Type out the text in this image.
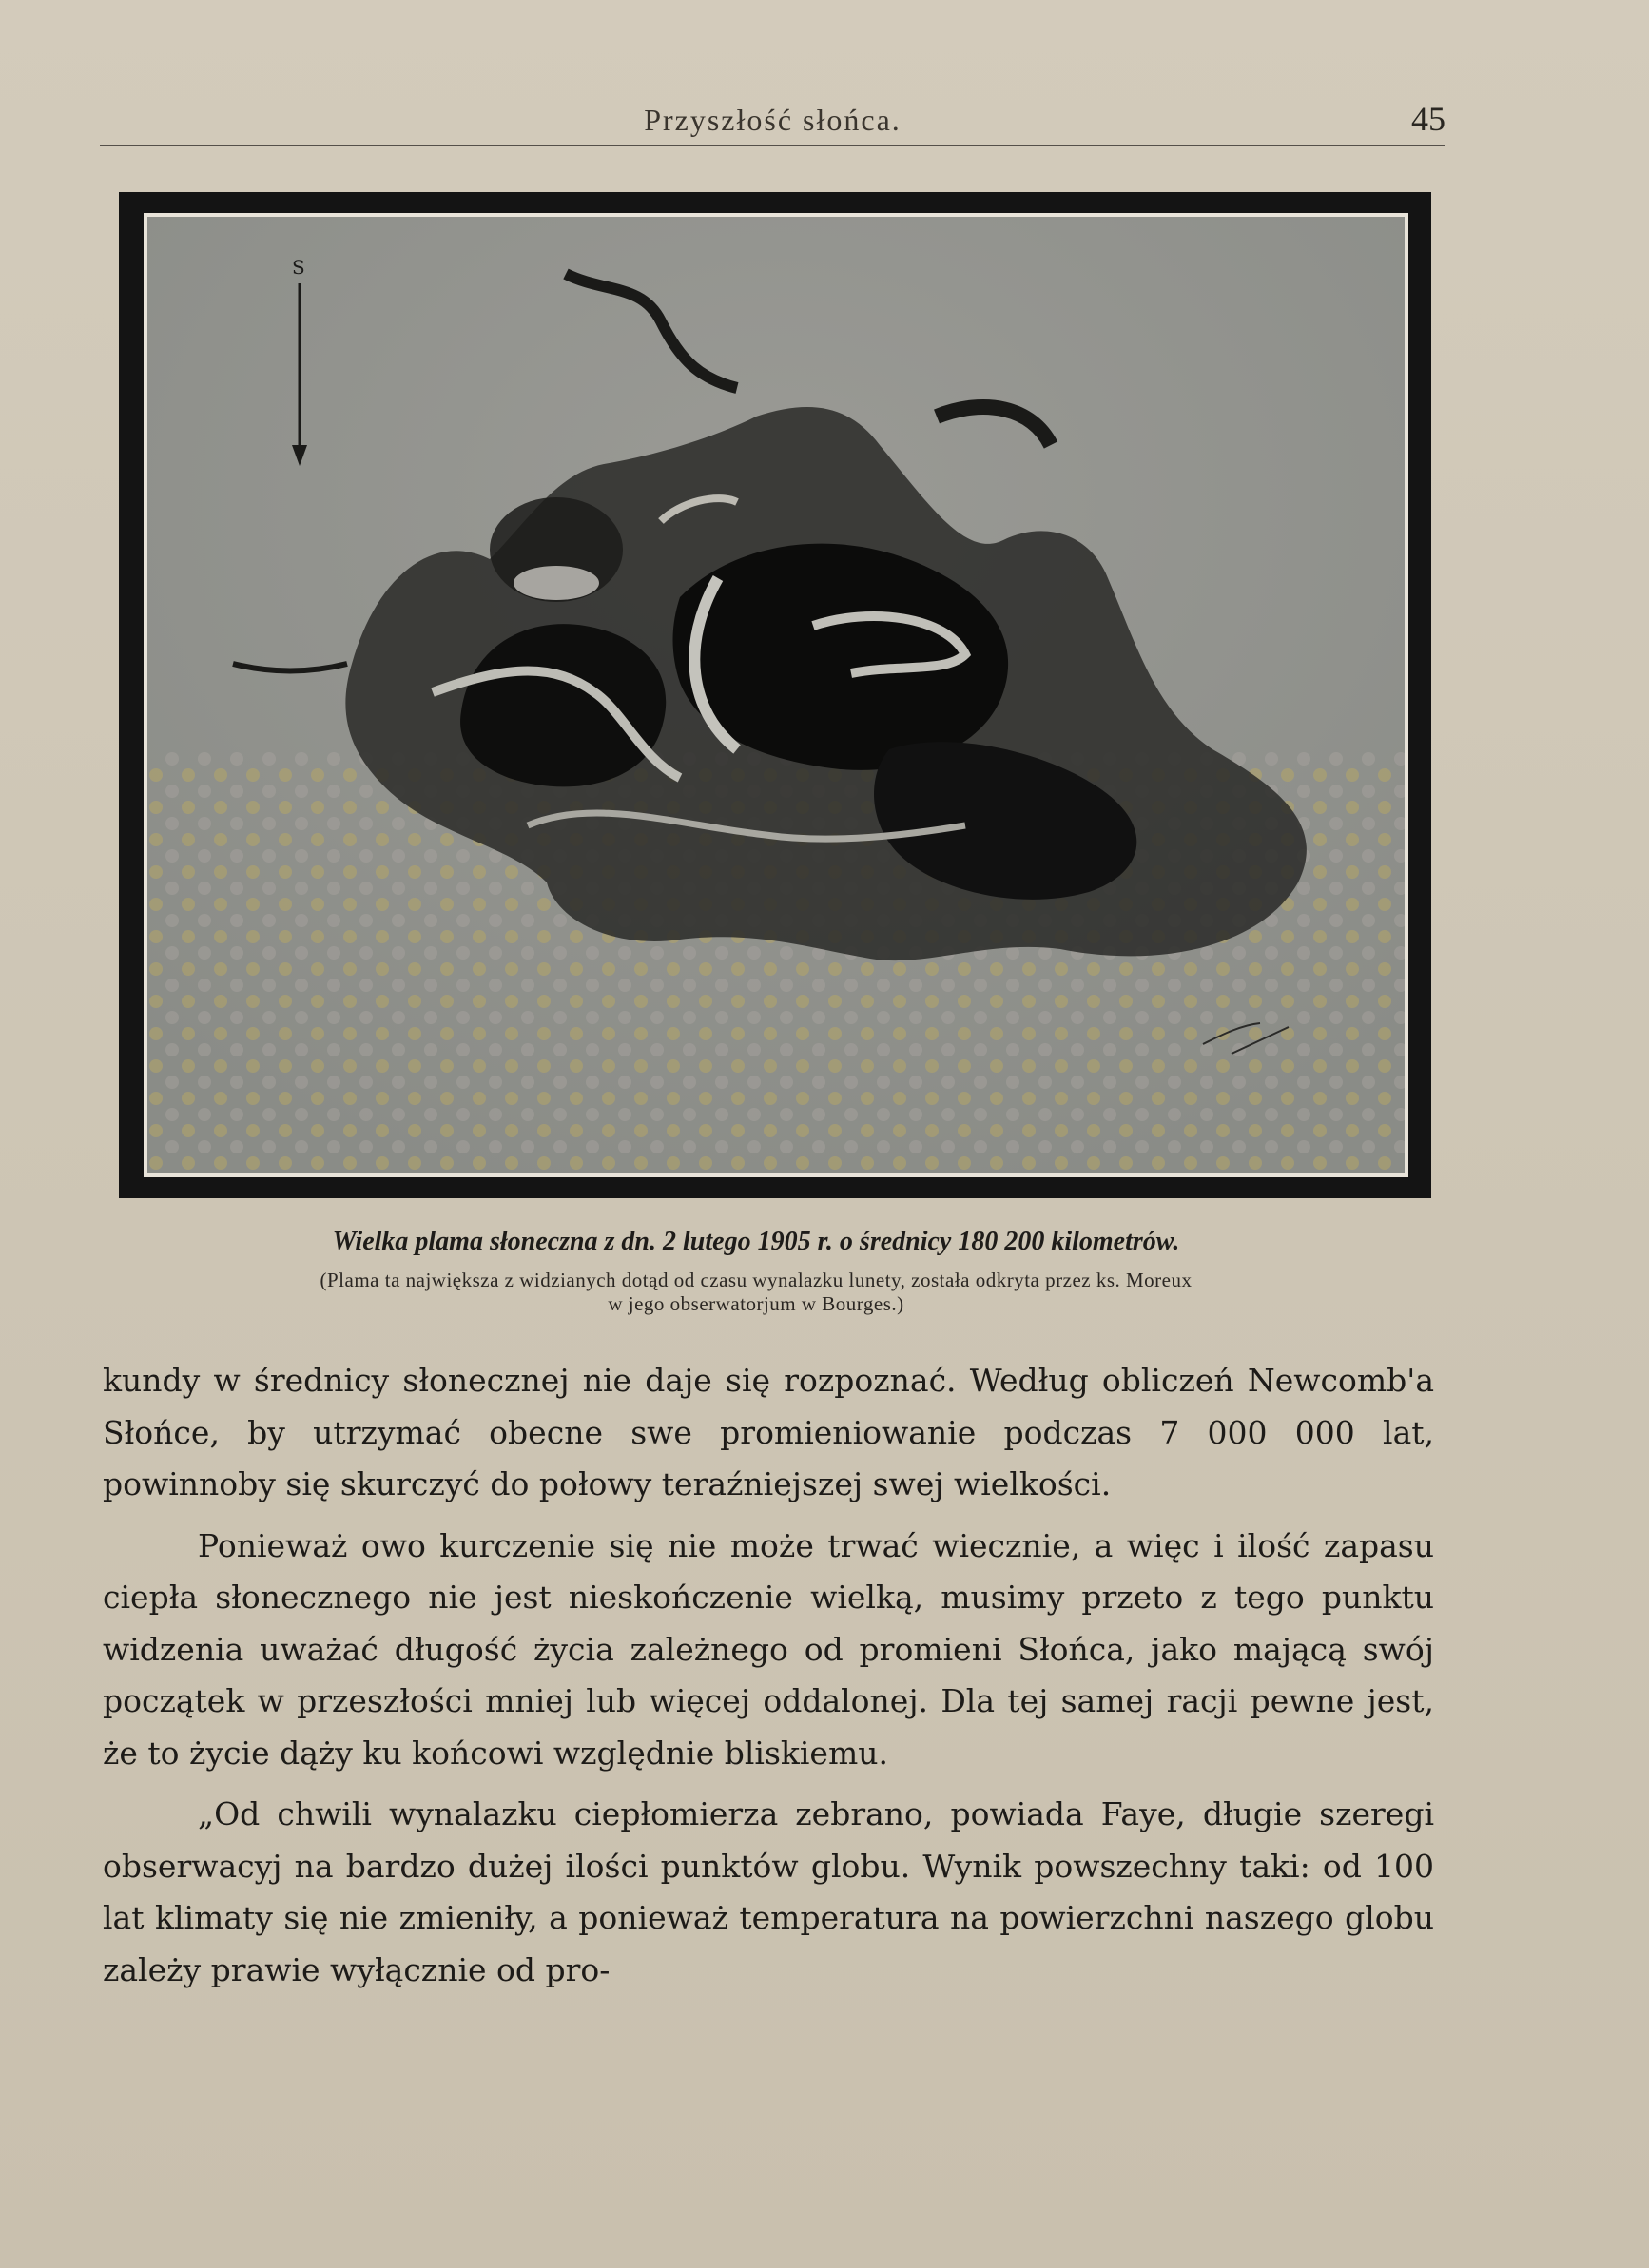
Przyszłość słońca.	45
S
Wielka plama słoneczna z dn. 2 lutego 1905 r. o średnicy 180 200 kilometrów.
(Plama ta największa z widzianych dotąd od czasu wynalazku lunety, została odkryta przez ks. Moreux
w jego obserwatorjum w Bourges.)

kundy w średnicy słonecznej nie daje się rozpoznać. Według obliczeń Newcomb'a Słońce, by utrzymać obecne swe promieniowanie podczas 7 000 000 lat, powinnoby się skurczyć do połowy teraźniejszej swej wielkości.

Ponieważ owo kurczenie się nie może trwać wiecznie, a więc i ilość zapasu ciepła słonecznego nie jest nieskończenie wielką, musimy przeto z tego punktu widzenia uważać długość życia zależnego od promieni Słońca, jako mającą swój początek w przeszłości mniej lub więcej oddalonej. Dla tej samej racji pewne jest, że to życie dąży ku końcowi względnie bliskiemu.

„Od chwili wynalazku ciepłomierza zebrano, powiada Faye, długie szeregi obserwacyj na bardzo dużej ilości punktów globu. Wynik powszechny taki: od 100 lat klimaty się nie zmieniły, a ponieważ temperatura na powierzchni naszego globu zależy prawie wyłącznie od pro-
